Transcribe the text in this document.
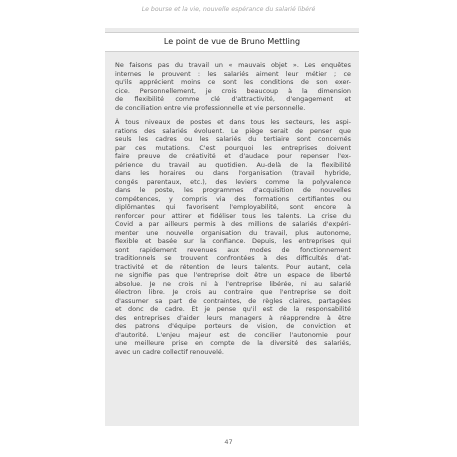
Le bourse et la vie, nouvelle espérance du salarié libéré
Le point de vue de Bruno Mettling
Ne faisons pas du travail un « mauvais objet ». Les enquêtes
internes le prouvent : les salariés aiment leur métier ; ce
qu'ils apprécient moins ce sont les conditions de son exer-
cice. Personnellement, je crois beaucoup à la dimension
de flexibilité comme clé d'attractivité, d'engagement et
de conciliation entre vie professionnelle et vie personnelle.
À tous niveaux de postes et dans tous les secteurs, les aspi-
rations des salariés évoluent. Le piège serait de penser que
seuls les cadres ou les salariés du tertiaire sont concernés
par ces mutations. C'est pourquoi les entreprises doivent
faire preuve de créativité et d'audace pour repenser l'ex-
périence du travail au quotidien. Au-delà de la flexibilité
dans les horaires ou dans l'organisation (travail hybride,
congés parentaux, etc.), des leviers comme la polyvalence
dans le poste, les programmes d'acquisition de nouvelles
compétences, y compris via des formations certifiantes ou
diplômantes qui favorisent l'employabilité, sont encore à
renforcer pour attirer et fidéliser tous les talents. La crise du
Covid a par ailleurs permis à des millions de salariés d'expéri-
menter une nouvelle organisation du travail, plus autonome,
flexible et basée sur la confiance. Depuis, les entreprises qui
sont rapidement revenues aux modes de fonctionnement
traditionnels se trouvent confrontées à des difficultés d'at-
tractivité et de rétention de leurs talents. Pour autant, cela
ne signifie pas que l'entreprise doit être un espace de liberté
absolue. Je ne crois ni à l'entreprise libérée, ni au salarié
électron libre. Je crois au contraire que l'entreprise se doit
d'assumer sa part de contraintes, de règles claires, partagées
et donc de cadre. Et je pense qu'il est de la responsabilité
des entreprises d'aider leurs managers à réapprendre à être
des patrons d'équipe porteurs de vision, de conviction et
d'autorité. L'enjeu majeur est de concilier l'autonomie pour
une meilleure prise en compte de la diversité des salariés,
avec un cadre collectif renouvelé.
47
